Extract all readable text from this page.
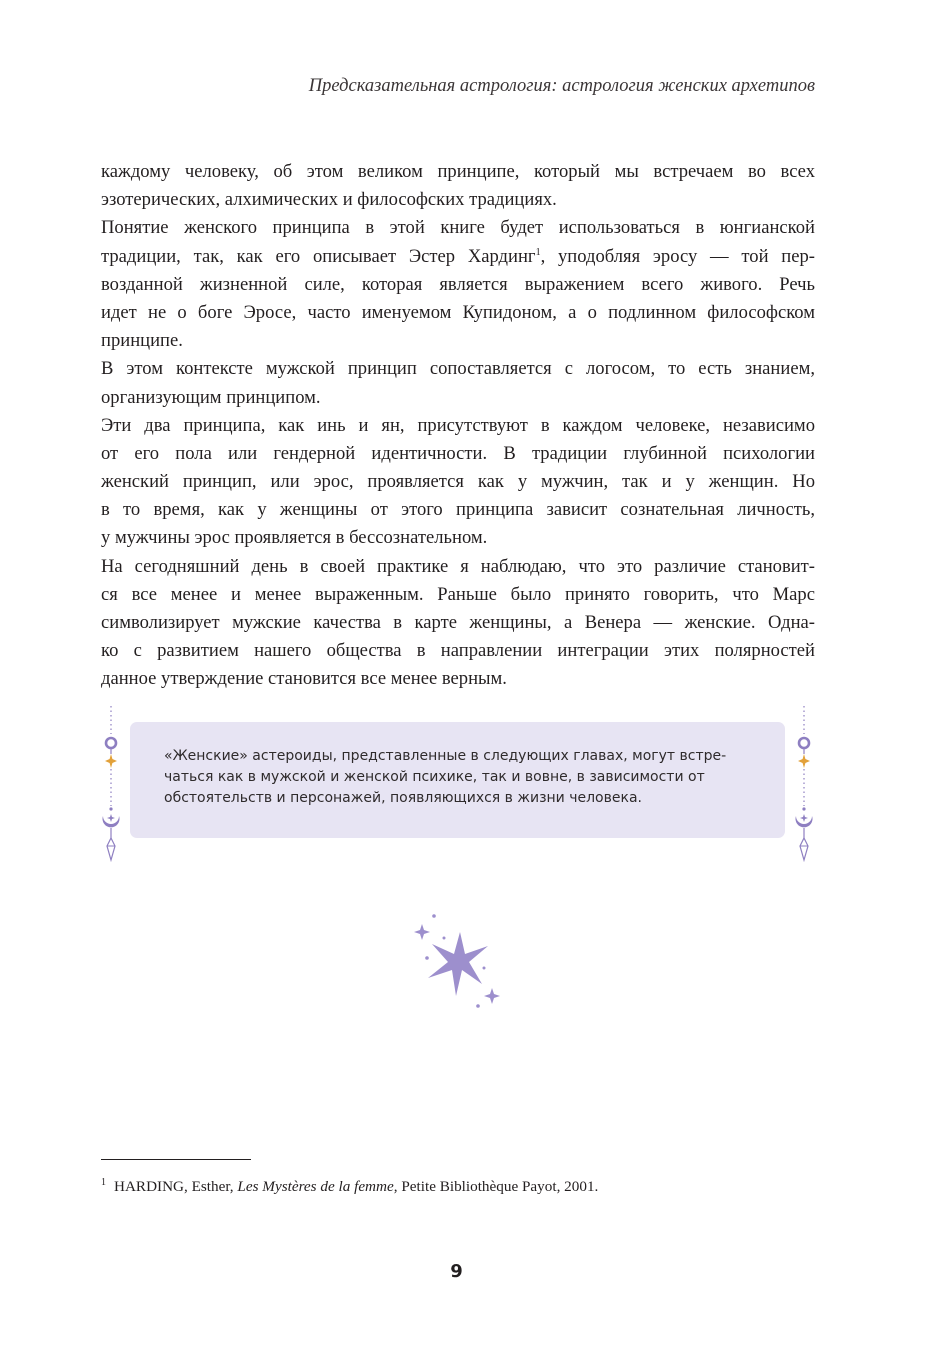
Предсказательная астрология: астрология женских архетипов
каждому человеку, об этом великом принципе, который мы встречаем во всех
эзотерических, алхимических и философских традициях.
Понятие женского принципа в этой книге будет использоваться в юнгианской
традиции, так, как его описывает Эстер Хардинг$^1$, уподобляя эросу — той пер-
возданной жизненной силе, которая является выражением всего живого. Речь
идет не о боге Эросе, часто именуемом Купидоном, а о подлинном философском
принципе.
В этом контексте мужской принцип сопоставляется с логосом, то есть знанием,
организующим принципом.
Эти два принципа, как инь и ян, присутствуют в каждом человеке, независимо
от его пола или гендерной идентичности. В традиции глубинной психологии
женский принцип, или эрос, проявляется как у мужчин, так и у женщин. Но
в то время, как у женщины от этого принципа зависит сознательная личность,
у мужчины эрос проявляется в бессознательном.
На сегодняшний день в своей практике я наблюдаю, что это различие становит-
ся все менее и менее выраженным. Раньше было принято говорить, что Марс
символизирует мужские качества в карте женщины, а Венера — женские. Одна-
ко с развитием нашего общества в направлении интеграции этих полярностей
данное утверждение становится все менее верным.
«Женские» астероиды, представленные в следующих главах, могут встре-
чаться как в мужской и женской психике, так и вовне, в зависимости от
обстоятельств и персонажей, появляющихся в жизни человека.
$^1$ HARDING, Esther, Les Mystères de la femme, Petite Bibliothèque Payot, 2001.
9
